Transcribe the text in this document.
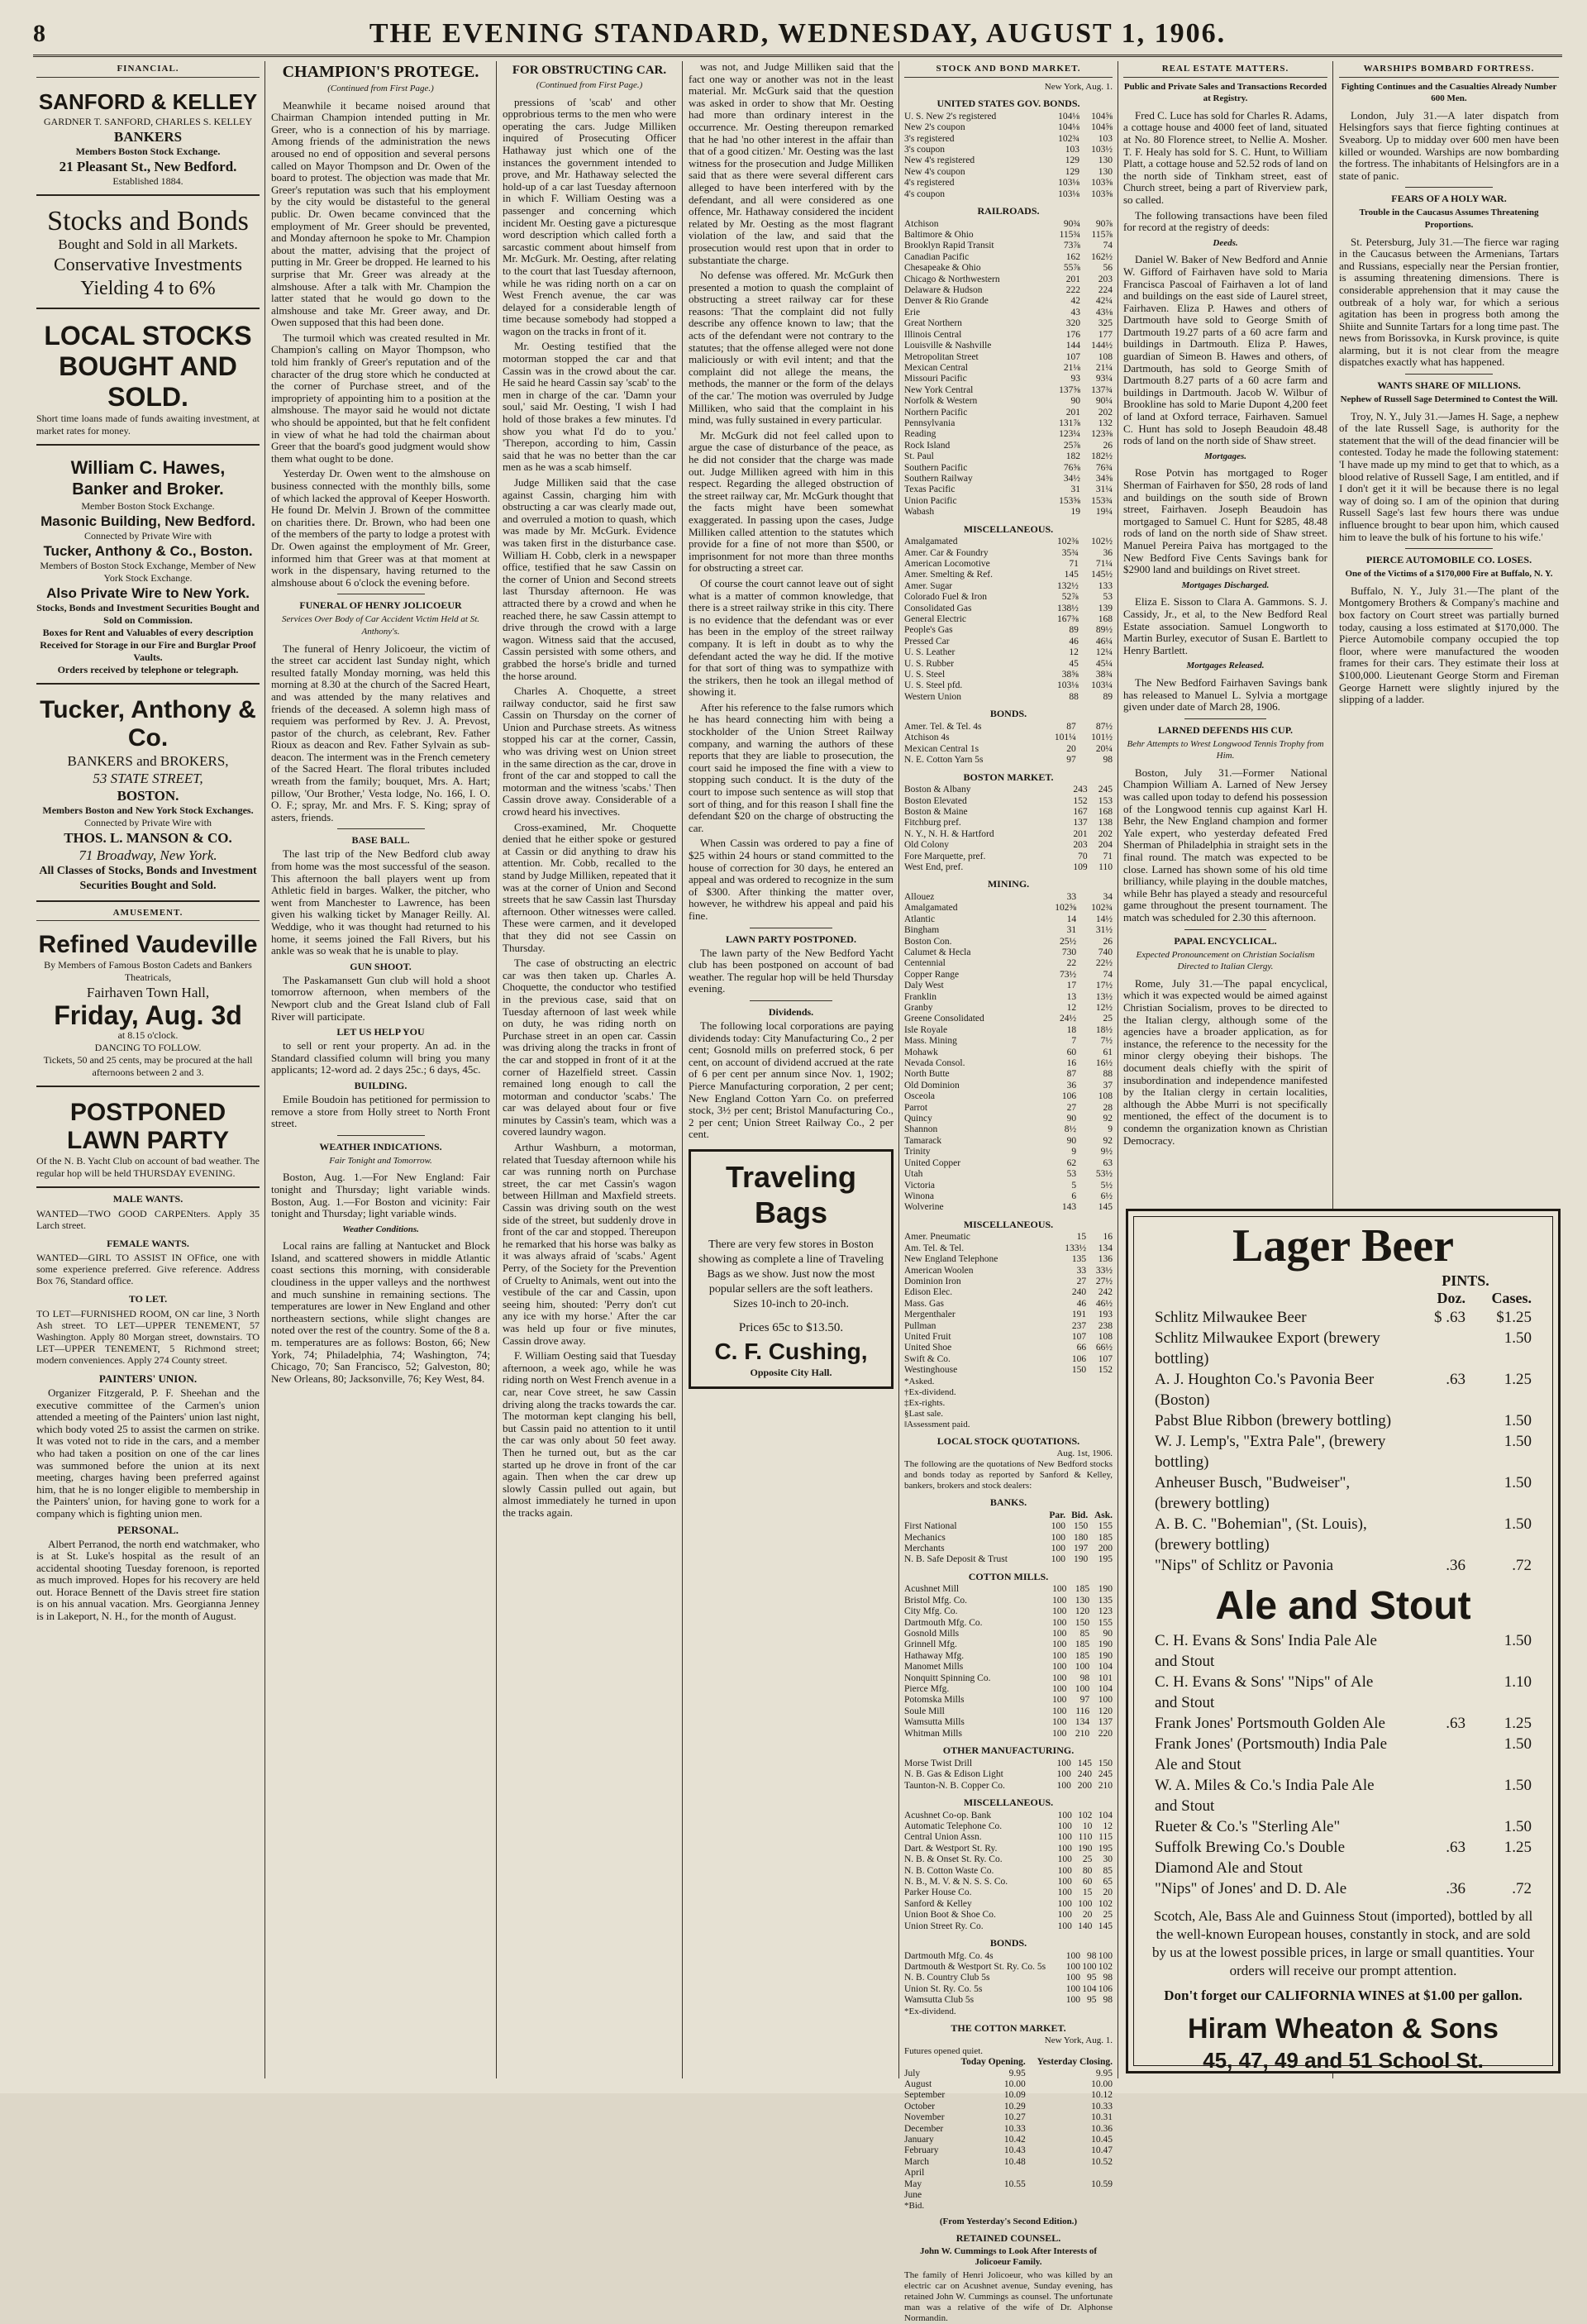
8	THE EVENING STANDARD, WEDNESDAY, AUGUST 1, 1906.
FINANCIAL.
SANFORD & KELLEY
GARDNER T. SANFORD, CHARLES S. KELLEY
BANKERS
Members Boston Stock Exchange.
21 Pleasant St., New Bedford.
Established 1884.
Stocks and Bonds
Bought and Sold in all Markets.
Conservative Investments
Yielding 4 to 6%
LOCAL STOCKS BOUGHT AND SOLD.
Short time loans made of funds awaiting investment, at market rates for money.
William C. Hawes,
Banker and Broker.
Member Boston Stock Exchange.
Masonic Building, New Bedford.
Connected by Private Wire with
Tucker, Anthony & Co., Boston.
Members of Boston Stock Exchange, Member of New York Stock Exchange.
Also Private Wire to New York.
Stocks, Bonds and Investment Securities Bought and Sold on Commission.
Boxes for Rent and Valuables of every description Received for Storage in our Fire and Burglar Proof Vaults.
Orders received by telephone or telegraph.
Tucker, Anthony & Co.
BANKERS and BROKERS,
53 STATE STREET,
BOSTON.
Members Boston and New York Stock Exchanges.
Connected by Private Wire with
THOS. L. MANSON & CO.
71 Broadway, New York.
All Classes of Stocks, Bonds and Investment Securities Bought and Sold.
AMUSEMENT.
Refined Vaudeville
By Members of Famous Boston Cadets and Bankers Theatricals,
Fairhaven Town Hall,
Friday, Aug. 3d
at 8.15 o'clock.
DANCING TO FOLLOW.
Tickets, 50 and 25 cents, may be procured at the hall afternoons between 2 and 3.
POSTPONED
LAWN PARTY
Of the N. B. Yacht Club on account of bad weather. The regular hop will be held THURSDAY EVENING.
MALE WANTS.
WANTED—TWO GOOD CARPENters. Apply 35 Larch street.
FEMALE WANTS.
WANTED—GIRL TO ASSIST IN OFfice, one with some experience preferred. Give reference. Address Box 76, Standard office.
TO LET.
TO LET—FURNISHED ROOM, ON car line, 3 North Ash street. TO LET—UPPER TENEMENT, 57 Washington. Apply 80 Morgan street, downstairs. TO LET—UPPER TENEMENT, 5 Richmond street; modern conveniences. Apply 274 County street.
PAINTERS' UNION.

Organizer Fitzgerald, P. F. Sheehan and the executive committee of the Carmen's union attended a meeting of the Painters' union last night, which body voted 25 to assist the carmen on strike. It was voted not to ride in the cars, and a member who had taken a position on one of the car lines was summoned before the union at its next meeting, charges having been preferred against him, that he is no longer eligible to membership in the Painters' union, for having gone to work for a company which is fighting union men.

PERSONAL.

Albert Perranod, the north end watchmaker, who is at St. Luke's hospital as the result of an accidental shooting Tuesday forenoon, is reported as much improved. Hopes for his recovery are held out. Horace Bennett of the Davis street fire station is on his annual vacation. Mrs. Georgianna Jenney is in Lakeport, N. H., for the month of August.

CHAMPION'S PROTEGE.
(Continued from First Page.)

Meanwhile it became noised around that Chairman Champion intended putting in Mr. Greer, who is a connection of his by marriage. Among friends of the administration the news aroused no end of opposition and several persons called on Mayor Thompson and Dr. Owen of the board to protest. The objection was made that Mr. Greer's reputation was such that his employment by the city would be distasteful to the general public. Dr. Owen became convinced that the employment of Mr. Greer should be prevented, and Monday afternoon he spoke to Mr. Champion about the matter, advising that the project of putting in Mr. Greer be dropped. He learned to his surprise that Mr. Greer was already at the almshouse. After a talk with Mr. Champion the latter stated that he would go down to the almshouse and take Mr. Greer away, and Dr. Owen supposed that this had been done.

The turmoil which was created resulted in Mr. Champion's calling on Mayor Thompson, who told him frankly of Greer's reputation and of the character of the drug store which he conducted at the corner of Purchase street, and of the impropriety of appointing him to a position at the almshouse. The mayor said he would not dictate who should be appointed, but that he felt confident in view of what he had told the chairman about Greer that the board's good judgment would show them what ought to be done.

Yesterday Dr. Owen went to the almshouse on business connected with the monthly bills, some of which lacked the approval of Keeper Hosworth. He found Dr. Melvin J. Brown of the committee on charities there. Dr. Brown, who had been one of the members of the party to lodge a protest with Dr. Owen against the employment of Mr. Greer, informed him that Greer was at that moment at work in the dispensary, having returned to the almshouse about 6 o'clock the evening before.

FUNERAL OF HENRY JOLICOEUR
Services Over Body of Car Accident Victim Held at St. Anthony's.

The funeral of Henry Jolicoeur, the victim of the street car accident last Sunday night, which resulted fatally Monday morning, was held this morning at 8.30 at the church of the Sacred Heart, and was attended by the many relatives and friends of the deceased. A solemn high mass of requiem was performed by Rev. J. A. Prevost, pastor of the church, as celebrant, Rev. Father Rioux as deacon and Rev. Father Sylvain as sub-deacon. The interment was in the French cemetery of the Sacred Heart. The floral tributes included wreath from the family; bouquet, Mrs. A. Hart; pillow, 'Our Brother,' Vesta lodge, No. 166, I. O. O. F.; spray, Mr. and Mrs. F. S. King; spray of asters, friends.

BASE BALL.

The last trip of the New Bedford club away from home was the most successful of the season. This afternoon the ball players went up from Athletic field in barges. Walker, the pitcher, who went from Manchester to Lawrence, has been given his walking ticket by Manager Reilly. Al. Weddige, who it was thought had returned to his home, it seems joined the Fall Rivers, but his ankle was so weak that he is unable to play.

GUN SHOOT.

The Paskamansett Gun club will hold a shoot tomorrow afternoon, when members of the Newport club and the Great Island club of Fall River will participate.

LET US HELP YOU

to sell or rent your property. An ad. in the Standard classified column will bring you many applicants; 12-word ad. 2 days 25c.; 6 days, 45c.

BUILDING.

Emile Boudoin has petitioned for permission to remove a store from Holly street to North Front street.

WEATHER INDICATIONS.
Fair Tonight and Tomorrow.

Boston, Aug. 1.—For New England: Fair tonight and Thursday; light variable winds. Boston, Aug. 1.—For Boston and vicinity: Fair tonight and Thursday; light variable winds.

Weather Conditions.

Local rains are falling at Nantucket and Block Island, and scattered showers in middle Atlantic coast sections this morning, with considerable cloudiness in the upper valleys and the northwest and much sunshine in remaining sections. The temperatures are lower in New England and other northeastern sections, while slight changes are noted over the rest of the country. Some of the 8 a. m. temperatures are as follows: Boston, 66; New York, 74; Philadelphia, 74; Washington, 74; Chicago, 70; San Francisco, 52; Galveston, 80; New Orleans, 80; Jacksonville, 76; Key West, 84.

FOR OBSTRUCTING CAR.
(Continued from First Page.)

pressions of 'scab' and other opprobrious terms to the men who were operating the cars. Judge Milliken inquired of Prosecuting Officer Hathaway just which one of the instances the government intended to prove, and Mr. Hathaway selected the hold-up of a car last Tuesday afternoon in which F. William Oesting was a passenger and concerning which incident Mr. Oesting gave a picturesque word description which called forth a sarcastic comment about himself from Mr. McGurk. Mr. Oesting, after relating to the court that last Tuesday afternoon, while he was riding north on a car on West French avenue, the car was delayed for a considerable length of time because somebody had stopped a wagon on the tracks in front of it.

Mr. Oesting testified that the motorman stopped the car and that Cassin was in the crowd about the car. He said he heard Cassin say 'scab' to the men in charge of the car. 'Damn your soul,' said Mr. Oesting, 'I wish I had hold of those brakes a few minutes. I'd show you what I'd do to you.' 'Therepon, according to him, Cassin said that he was no better than the car men as he was a scab himself.

Judge Milliken said that the case against Cassin, charging him with obstructing a car was clearly made out, and overruled a motion to quash, which was made by Mr. McGurk. Evidence was taken first in the disturbance case. William H. Cobb, clerk in a newspaper office, testified that he saw Cassin on the corner of Union and Second streets last Thursday afternoon. He was attracted there by a crowd and when he reached there, he saw Cassin attempt to drive through the crowd with a large wagon. Witness said that the accused, Cassin persisted with some others, and grabbed the horse's bridle and turned the horse around.

Charles A. Choquette, a street railway conductor, said he first saw Cassin on Thursday on the corner of Union and Purchase streets. As witness stopped his car at the corner, Cassin, who was driving west on Union street in the same direction as the car, drove in front of the car and stopped to call the motorman and the witness 'scabs.' Then Cassin drove away. Considerable of a crowd heard his invectives.

Cross-examined, Mr. Choquette denied that he either spoke or gestured at Cassin or did anything to draw his attention. Mr. Cobb, recalled to the stand by Judge Milliken, repeated that it was at the corner of Union and Second streets that he saw Cassin last Thursday afternoon. Other witnesses were called. These were carmen, and it developed that they did not see Cassin on Thursday.

The case of obstructing an electric car was then taken up. Charles A. Choquette, the conductor who testified in the previous case, said that on Tuesday afternoon of last week while on duty, he was riding north on Purchase street in an open car. Cassin was driving along the tracks in front of the car and stopped in front of it at the corner of Hazelfield street. Cassin remained long enough to call the motorman and conductor 'scabs.' The car was delayed about four or five minutes by Cassin's team, which was a covered laundry wagon.

Arthur Washburn, a motorman, related that Tuesday afternoon while his car was running north on Purchase street, the car met Cassin's wagon between Hillman and Maxfield streets. Cassin was driving south on the west side of the street, but suddenly drove in front of the car and stopped. Thereupon he remarked that his horse was balky as it was always afraid of 'scabs.' Agent Perry, of the Society for the Prevention of Cruelty to Animals, went out into the vestibule of the car and Cassin, upon seeing him, shouted: 'Perry don't cut any ice with my horse.' After the car was held up four or five minutes, Cassin drove away.

F. William Oesting said that Tuesday afternoon, a week ago, while he was riding north on West French avenue in a car, near Cove street, he saw Cassin driving along the tracks towards the car. The motorman kept clanging his bell, but Cassin paid no attention to it until the car was only about 50 feet away. Then he turned out, but as the car started up he drove in front of the car again. Then when the car drew up slowly Cassin pulled out again, but almost immediately he turned in upon the tracks again.

was not, and Judge Milliken said that the fact one way or another was not in the least material. Mr. McGurk said that the question was asked in order to show that Mr. Oesting had more than ordinary interest in the occurrence. Mr. Oesting thereupon remarked that he had 'no other interest in the affair than that of a good citizen.' Mr. Oesting was the last witness for the prosecution and Judge Milliken said that as there were several different cars alleged to have been interfered with by the defendant, and all were considered as one offence, Mr. Hathaway considered the incident related by Mr. Oesting as the most flagrant violation of the law, and said that the prosecution would rest upon that in order to substantiate the charge.

No defense was offered. Mr. McGurk then presented a motion to quash the complaint of obstructing a street railway car for these reasons: 'That the complaint did not fully describe any offence known to law; that the acts of the defendant were not contrary to the statutes; that the offense alleged were not done maliciously or with evil intent; and that the complaint did not allege the means, the methods, the manner or the form of the delays of the car.' The motion was overruled by Judge Milliken, who said that the complaint in his mind, was fully sustained in every particular.

Mr. McGurk did not feel called upon to argue the case of disturbance of the peace, as he did not consider that the charge was made out. Judge Milliken agreed with him in this respect. Regarding the alleged obstruction of the street railway car, Mr. McGurk thought that the facts might have been somewhat exaggerated. In passing upon the cases, Judge Milliken called attention to the statutes which provide for a fine of not more than $500, or imprisonment for not more than three months for obstructing a street car.

Of course the court cannot leave out of sight what is a matter of common knowledge, that there is a street railway strike in this city. There is no evidence that the defendant was or ever has been in the employ of the street railway company. It is left in doubt as to why the defendant acted the way he did. If the motive for that sort of thing was to sympathize with the strikers, then he took an illegal method of showing it.

After his reference to the false rumors which he has heard connecting him with being a stockholder of the Union Street Railway company, and warning the authors of these reports that they are liable to prosecution, the court said he imposed the fine with a view to stopping such conduct. It is the duty of the court to impose such sentence as will stop that sort of thing, and for this reason I shall fine the defendant $20 on the charge of obstructing the car.

When Cassin was ordered to pay a fine of $25 within 24 hours or stand committed to the house of correction for 30 days, he entered an appeal and was ordered to recognize in the sum of $300. After thinking the matter over, however, he withdrew his appeal and paid his fine.

LAWN PARTY POSTPONED.

The lawn party of the New Bedford Yacht club has been postponed on account of bad weather. The regular hop will be held Thursday evening.

Dividends.

The following local corporations are paying dividends today: City Manufacturing Co., 2 per cent; Gosnold mills on preferred stock, 6 per cent, on account of dividend accrued at the rate of 6 per cent per annum since Nov. 1, 1902; Pierce Manufacturing corporation, 2 per cent; New England Cotton Yarn Co. on preferred stock, 3½ per cent; Bristol Manufacturing Co., 2 per cent; Union Street Railway Co., 2 per cent.

Traveling
Bags
There are very few stores in Boston showing as complete a line of Traveling Bags as we show. Just now the most popular sellers are the soft leathers. Sizes 10-inch to 20-inch.
Prices 65c to $13.50.
C. F. Cushing,
Opposite City Hall.
STOCK AND BOND MARKET.
New York, Aug. 1.
UNITED STATES GOV. BONDS.
U. S. New 2's registered	104⅛	104⅝
New 2's coupon	104⅛	104⅝
3's registered	102¾	103
3's coupon	103	103½
New 4's registered	129	130
New 4's coupon	129	130
4's registered	103⅛	103⅝
4's coupon	103⅛	103⅝
RAILROADS.
Atchison	90¾	90⅞
Baltimore & Ohio	115¾	115⅞
Brooklyn Rapid Transit	73⅞	74
Canadian Pacific	162	162½
Chesapeake & Ohio	55⅞	56
Chicago & Northwestern	201	203
Delaware & Hudson	222	224
Denver & Rio Grande	42	42¼
Erie	43	43⅛
Great Northern	320	325
Illinois Central	176	177
Louisville & Nashville	144	144½
Metropolitan Street	107	108
Mexican Central	21⅛	21¼
Missouri Pacific	93	93¼
New York Central	137⅝	137¾
Norfolk & Western	90	90¼
Northern Pacific	201	202
Pennsylvania	131⅞	132
Reading	123¼	123⅜
Rock Island	25⅞	26
St. Paul	182	182½
Southern Pacific	76⅝	76¾
Southern Railway	34½	34⅝
Texas Pacific	31	31¼
Union Pacific	153⅝	153¾
Wabash	19	19¼
MISCELLANEOUS.
Amalgamated	102⅜	102½
Amer. Car & Foundry	35¾	36
American Locomotive	71	71¼
Amer. Smelting & Ref.	145	145½
Amer. Sugar	132½	133
Colorado Fuel & Iron	52⅞	53
Consolidated Gas	138½	139
General Electric	167⅜	168
People's Gas	89	89½
Pressed Car	46	46¼
U. S. Leather	12	12¼
U. S. Rubber	45	45¼
U. S. Steel	38⅝	38¾
U. S. Steel pfd.	103⅛	103¼
Western Union	88	89
BONDS.
Amer. Tel. & Tel. 4s	87	87½
Atchison 4s	101¼	101½
Mexican Central 1s	20	20¼
N. E. Cotton Yarn 5s	97	98
BOSTON MARKET.
Boston & Albany	243	245
Boston Elevated	152	153
Boston & Maine	167	168
Fitchburg pref.	137	138
N. Y., N. H. & Hartford	201	202
Old Colony	203	204
Fore Marquette, pref.	70	71
West End, pref.	109	110
MINING.
Allouez	33	34
Amalgamated	102⅝	102¾
Atlantic	14	14½
Bingham	31	31½
Boston Con.	25½	26
Calumet & Hecla	730	740
Centennial	22	22½
Copper Range	73½	74
Daly West	17	17½
Franklin	13	13½
Granby	12	12½
Greene Consolidated	24½	25
Isle Royale	18	18½
Mass. Mining	7	7½
Mohawk	60	61
Nevada Consol.	16	16½
North Butte	87	88
Old Dominion	36	37
Osceola	106	108
Parrot	27	28
Quincy	90	92
Shannon	8½	9
Tamarack	90	92
Trinity	9	9½
United Copper	62	63
Utah	53	53½
Victoria	5	5½
Winona	6	6½
Wolverine	143	145
MISCELLANEOUS.
Amer. Pneumatic	15	16
Am. Tel. & Tel.	133½	134
New England Telephone	135	136
American Woolen	33	33½
Dominion Iron	27	27½
Edison Elec.	240	242
Mass. Gas	46	46½
Mergenthaler	191	193
Pullman	237	238
United Fruit	107	108
United Shoe	66	66½
Swift & Co.	106	107
Westinghouse	150	152
*Asked.
†Ex-dividend.
‡Ex-rights.
§Last sale.
‖Assessment paid.
LOCAL STOCK QUOTATIONS.
Aug. 1st, 1906.
The following are the quotations of New Bedford stocks and bonds today as reported by Sanford & Kelley, bankers, brokers and stock dealers:
BANKS.
	Par.	Bid.	Ask.
First National	100	150	155
Mechanics	100	180	185
Merchants	100	197	200
N. B. Safe Deposit & Trust	100	190	195
COTTON MILLS.
Acushnet Mill	100	185	190
Bristol Mfg. Co.	100	130	135
City Mfg. Co.	100	120	123
Dartmouth Mfg. Co.	100	150	155
Gosnold Mills	100	85	90
Grinnell Mfg.	100	185	190
Hathaway Mfg.	100	185	190
Manomet Mills	100	100	104
Nonquitt Spinning Co.	100	98	101
Pierce Mfg.	100	100	104
Potomska Mills	100	97	100
Soule Mill	100	116	120
Wamsutta Mills	100	134	137
Whitman Mills	100	210	220
OTHER MANUFACTURING.
Morse Twist Drill	100	145	150
N. B. Gas & Edison Light	100	240	245
Taunton-N. B. Copper Co.	100	200	210
MISCELLANEOUS.
Acushnet Co-op. Bank	100	102	104
Automatic Telephone Co.	100	10	12
Central Union Assn.	100	110	115
Dart. & Westport St. Ry.	100	190	195
N. B. & Onset St. Ry. Co.	100	25	30
N. B. Cotton Waste Co.	100	80	85
N. B., M. V. & N. S. S. Co.	100	60	65
Parker House Co.	100	15	20
Sanford & Kelley	100	100	102
Union Boot & Shoe Co.	100	20	25
Union Street Ry. Co.	100	140	145
BONDS.
Dartmouth Mfg. Co. 4s	100	98	100
Dartmouth & Westport St. Ry. Co. 5s	100	100	102
N. B. Country Club 5s	100	95	98
Union St. Ry. Co. 5s	100	104	106
Wamsutta Club 5s	100	95	98
*Ex-dividend.
THE COTTON MARKET.
New York, Aug. 1.
Futures opened quiet.
	Today Opening.	Yesterday Closing.
July	9.95	9.95
August	10.00	10.00
September	10.09	10.12
October	10.29	10.33
November	10.27	10.31
December	10.33	10.36
January	10.42	10.45
February	10.43	10.47
March	10.48	10.52
April		
May	10.55	10.59
June		
*Bid.
(From Yesterday's Second Edition.)
RETAINED COUNSEL.
John W. Cummings to Look After Interests of Jolicoeur Family.
The family of Henri Jolicoeur, who was killed by an electric car on Acushnet avenue, Sunday evening, has retained John W. Cummings as counsel. The unfortunate man was a relative of the wife of Dr. Alphonse Normandin.
REAL ESTATE MATTERS.
Public and Private Sales and Transactions Recorded at Registry.

Fred C. Luce has sold for Charles R. Adams, a cottage house and 4000 feet of land, situated at No. 80 Florence street, to Nellie A. Mosher. T. F. Healy has sold for S. C. Hunt, to William Platt, a cottage house and 52.52 rods of land on the north side of Tinkham street, east of Church street, being a part of Riverview park, so called.

The following transactions have been filed for record at the registry of deeds:

Deeds.

Daniel W. Baker of New Bedford and Annie W. Gifford of Fairhaven have sold to Maria Francisca Pascoal of Fairhaven a lot of land and buildings on the east side of Laurel street, Fairhaven. Eliza P. Hawes and others of Dartmouth have sold to George Smith of Dartmouth 19.27 parts of a 60 acre farm and buildings in Dartmouth. Eliza P. Hawes, guardian of Simeon B. Hawes and others, of Dartmouth, has sold to George Smith of Dartmouth 8.27 parts of a 60 acre farm and buildings in Dartmouth. Jacob W. Wilbur of Brookline has sold to Marie Dupont 4,200 feet of land at Oxford terrace, Fairhaven. Samuel C. Hunt has sold to Joseph Beaudoin 48.48 rods of land on the north side of Shaw street.

Mortgages.

Rose Potvin has mortgaged to Roger Sherman of Fairhaven for $50, 28 rods of land and buildings on the south side of Brown street, Fairhaven. Joseph Beaudoin has mortgaged to Samuel C. Hunt for $285, 48.48 rods of land on the north side of Shaw street. Manuel Pereira Paiva has mortgaged to the New Bedford Five Cents Savings bank for $2900 land and buildings on Rivet street.

Mortgages Discharged.

Eliza E. Sisson to Clara A. Gammons. S. J. Cassidy, Jr., et al, to the New Bedford Real Estate association. Samuel Longworth to Martin Burley, executor of Susan E. Bartlett to Henry Bartlett.

Mortgages Released.

The New Bedford Fairhaven Savings bank has released to Manuel L. Sylvia a mortgage given under date of March 28, 1906.

LARNED DEFENDS HIS CUP.
Behr Attempts to Wrest Longwood Tennis Trophy from Him.

Boston, July 31.—Former National Champion William A. Larned of New Jersey was called upon today to defend his possession of the Longwood tennis cup against Karl H. Behr, the New England champion and former Yale expert, who yesterday defeated Fred Sherman of Philadelphia in straight sets in the final round. The match was expected to be close. Larned has shown some of his old time brilliancy, while playing in the double matches, while Behr has played a steady and resourceful game throughout the present tournament. The match was scheduled for 2.30 this afternoon.

PAPAL ENCYCLICAL.
Expected Pronouncement on Christian Socialism Directed to Italian Clergy.

Rome, July 31.—The papal encyclical, which it was expected would be aimed against Christian Socialism, proves to be directed to the Italian clergy, although some of the agencies have a broader application, as for instance, the reference to the necessity for the minor clergy obeying their bishops. The document deals chiefly with the spirit of insubordination and independence manifested by the Italian clergy in certain localities, although the Abbe Murri is not specifically mentioned, the effect of the document is to condemn the organization known as Christian Democracy.

WARSHIPS BOMBARD FORTRESS.
Fighting Continues and the Casualties Already Number 600 Men.

London, July 31.—A later dispatch from Helsingfors says that fierce fighting continues at Sveaborg. Up to midday over 600 men have been killed or wounded. Warships are now bombarding the fortress. The inhabitants of Helsingfors are in a state of panic.

FEARS OF A HOLY WAR.
Trouble in the Caucasus Assumes Threatening Proportions.

St. Petersburg, July 31.—The fierce war raging in the Caucasus between the Armenians, Tartars and Russians, especially near the Persian frontier, is assuming threatening dimensions. There is considerable apprehension that it may cause the outbreak of a holy war, for which a serious agitation has been in progress both among the Shiite and Sunnite Tartars for a long time past. The news from Borissovka, in Kursk province, is quite alarming, but it is not clear from the meagre dispatches exactly what has happened.

WANTS SHARE OF MILLIONS.
Nephew of Russell Sage Determined to Contest the Will.

Troy, N. Y., July 31.—James H. Sage, a nephew of the late Russell Sage, is authority for the statement that the will of the dead financier will be contested. Today he made the following statement: 'I have made up my mind to get that to which, as a blood relative of Russell Sage, I am entitled, and if I don't get it it will be because there is no legal way of doing so. I am of the opinion that during Russell Sage's last few hours there was undue influence brought to bear upon him, which caused him to leave the bulk of his fortune to his wife.'

PIERCE AUTOMOBILE CO. LOSES.
One of the Victims of a $170,000 Fire at Buffalo, N. Y.

Buffalo, N. Y., July 31.—The plant of the Montgomery Brothers & Company's machine and box factory on Court street was partially burned today, causing a loss estimated at $170,000. The Pierce Automobile company occupied the top floor, where were manufactured the wooden frames for their cars. They estimate their loss at $100,000. Lieutenant George Storm and Fireman George Harnett were slightly injured by the slipping of a ladder.

Lager Beer
PINTS.
Doz.	Cases.
Schlitz Milwaukee Beer	$ .63	$1.25
Schlitz Milwaukee Export (brewery bottling)
1.50
A. J. Houghton Co.'s Pavonia Beer (Boston)
.63	1.25
Pabst Blue Ribbon (brewery bottling)	1.50
W. J. Lemp's, "Extra Pale", (brewery bottling)
1.50
Anheuser Busch, "Budweiser", (brewery bottling)
1.50
A. B. C. "Bohemian", (St. Louis), (brewery bottling)
1.50
"Nips" of Schlitz or Pavonia	.36	.72
Ale and Stout
C. H. Evans & Sons' India Pale Ale and Stout
1.50
C. H. Evans & Sons' "Nips" of Ale and Stout
1.10
Frank Jones' Portsmouth Golden Ale	.63	1.25
Frank Jones' (Portsmouth) India Pale Ale and Stout
1.50
W. A. Miles & Co.'s India Pale Ale and Stout
1.50
Rueter & Co.'s "Sterling Ale"	1.50
Suffolk Brewing Co.'s Double Diamond Ale and Stout
.63	1.25
"Nips" of Jones' and D. D. Ale	.36	.72
Scotch, Ale, Bass Ale and Guinness Stout (imported), bottled by all the well-known European houses, constantly in stock, and are sold by us at the lowest possible prices, in large or small quantities. Your orders will receive our prompt attention.
Don't forget our CALIFORNIA WINES at $1.00 per gallon.
Hiram Wheaton & Sons
45, 47, 49 and 51 School St.
